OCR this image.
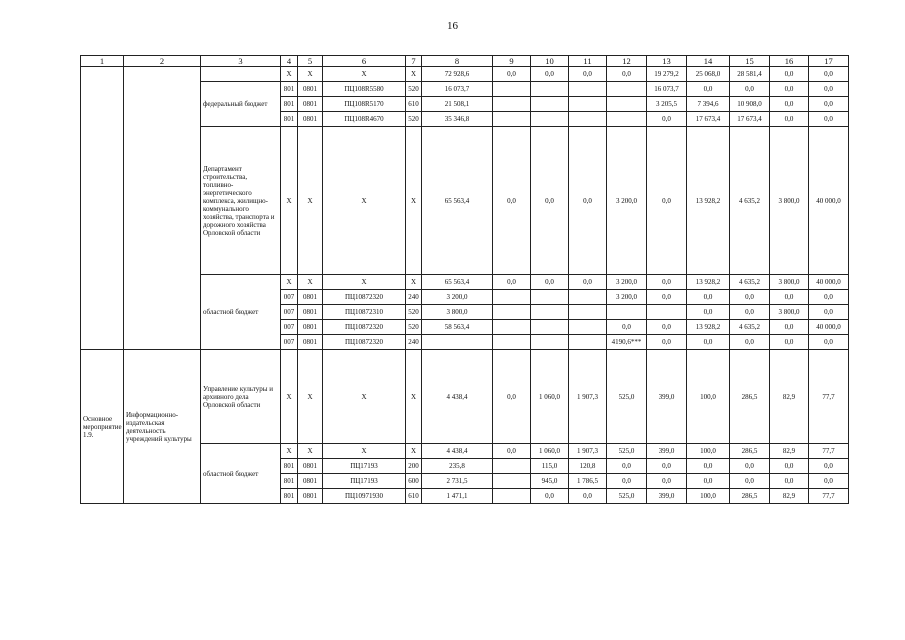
16
1	2	3	4	5	6	7	8	9	10	11	12	13	14	15	16	17
			X	X	X	X	72 928,6	0,0	0,0	0,0	0,0	19 279,2	25 068,0	28 581,4	0,0	0,0
		федеральный бюджет	801	0801	ПЦ108R5580	520	16 073,7					16 073,7	0,0	0,0	0,0	0,0
			801	0801	ПЦ108R5170	610	21 508,1					3 205,5	7 394,6	10 908,0	0,0	0,0
			801	0801	ПЦ108R4670	520	35 346,8					0,0	17 673,4	17 673,4	0,0	0,0
		Департамент строительства, топливно-энергетического комплекса, жилищно-коммунального хозяйства, транспорта и дорожного хозяйства Орловской области	X	X	X	X	65 563,4	0,0	0,0	0,0	3 200,0	0,0	13 928,2	4 635,2	3 800,0	40 000,0
		областной бюджет	X	X	X	X	65 563,4	0,0	0,0	0,0	3 200,0	0,0	13 928,2	4 635,2	3 800,0	40 000,0
			007	0801	ПЦ10872320	240	3 200,0				3 200,0	0,0	0,0	0,0	0,0	0,0
			007	0801	ПЦ10872310	520	3 800,0						0,0	0,0	3 800,0	0,0
			007	0801	ПЦ10872320	520	58 563,4				0,0	0,0	13 928,2	4 635,2	0,0	40 000,0
			007	0801	ПЦ10872320	240					4190,6***	0,0	0,0	0,0	0,0	0,0
Основное мероприятие 1.9.	Информационно-издательская деятельность учреждений культуры	Управление культуры и архивного дела Орловской области	X	X	X	X	4 438,4	0,0	1 060,0	1 907,3	525,0	399,0	100,0	286,5	82,9	77,7
		областной бюджет	X	X	X	X	4 438,4	0,0	1 060,0	1 907,3	525,0	399,0	100,0	286,5	82,9	77,7
			801	0801	ПЦ17193	200	235,8		115,0	120,8	0,0	0,0	0,0	0,0	0,0	0,0
			801	0801	ПЦ17193	600	2 731,5		945,0	1 786,5	0,0	0,0	0,0	0,0	0,0	0,0
			801	0801	ПЦ10971930	610	1 471,1		0,0	0,0	525,0	399,0	100,0	286,5	82,9	77,7
